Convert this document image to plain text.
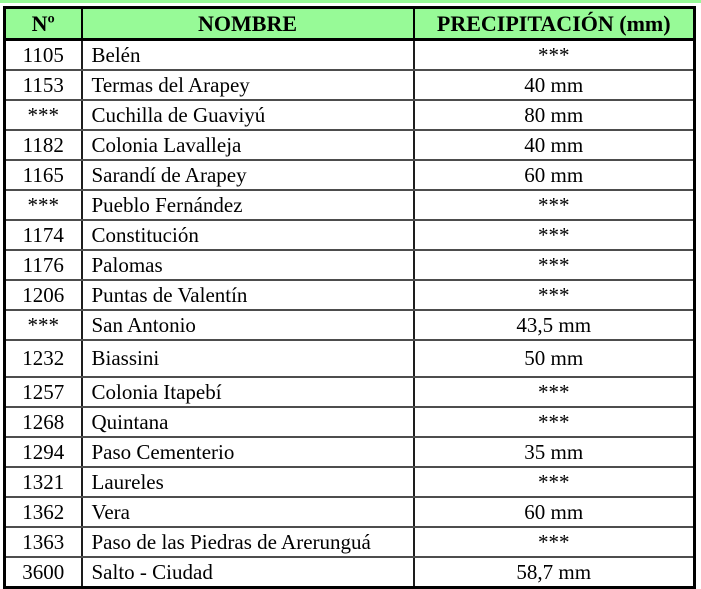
Nº	NOMBRE	PRECIPITACIÓN (mm)
1105	Belén	***
1153	Termas del Arapey	40 mm
***	Cuchilla de Guaviyú	80 mm
1182	Colonia Lavalleja	40 mm
1165	Sarandí de Arapey	60 mm
***	Pueblo Fernández	***
1174	Constitución	***
1176	Palomas	***
1206	Puntas de Valentín	***
***	San Antonio	43,5 mm
1232	Biassini	50 mm
1257	Colonia Itapebí	***
1268	Quintana	***
1294	Paso Cementerio	35 mm
1321	Laureles	***
1362	Vera	60 mm
1363	Paso de las Piedras de Arerunguá	***
3600	Salto - Ciudad	58,7 mm
